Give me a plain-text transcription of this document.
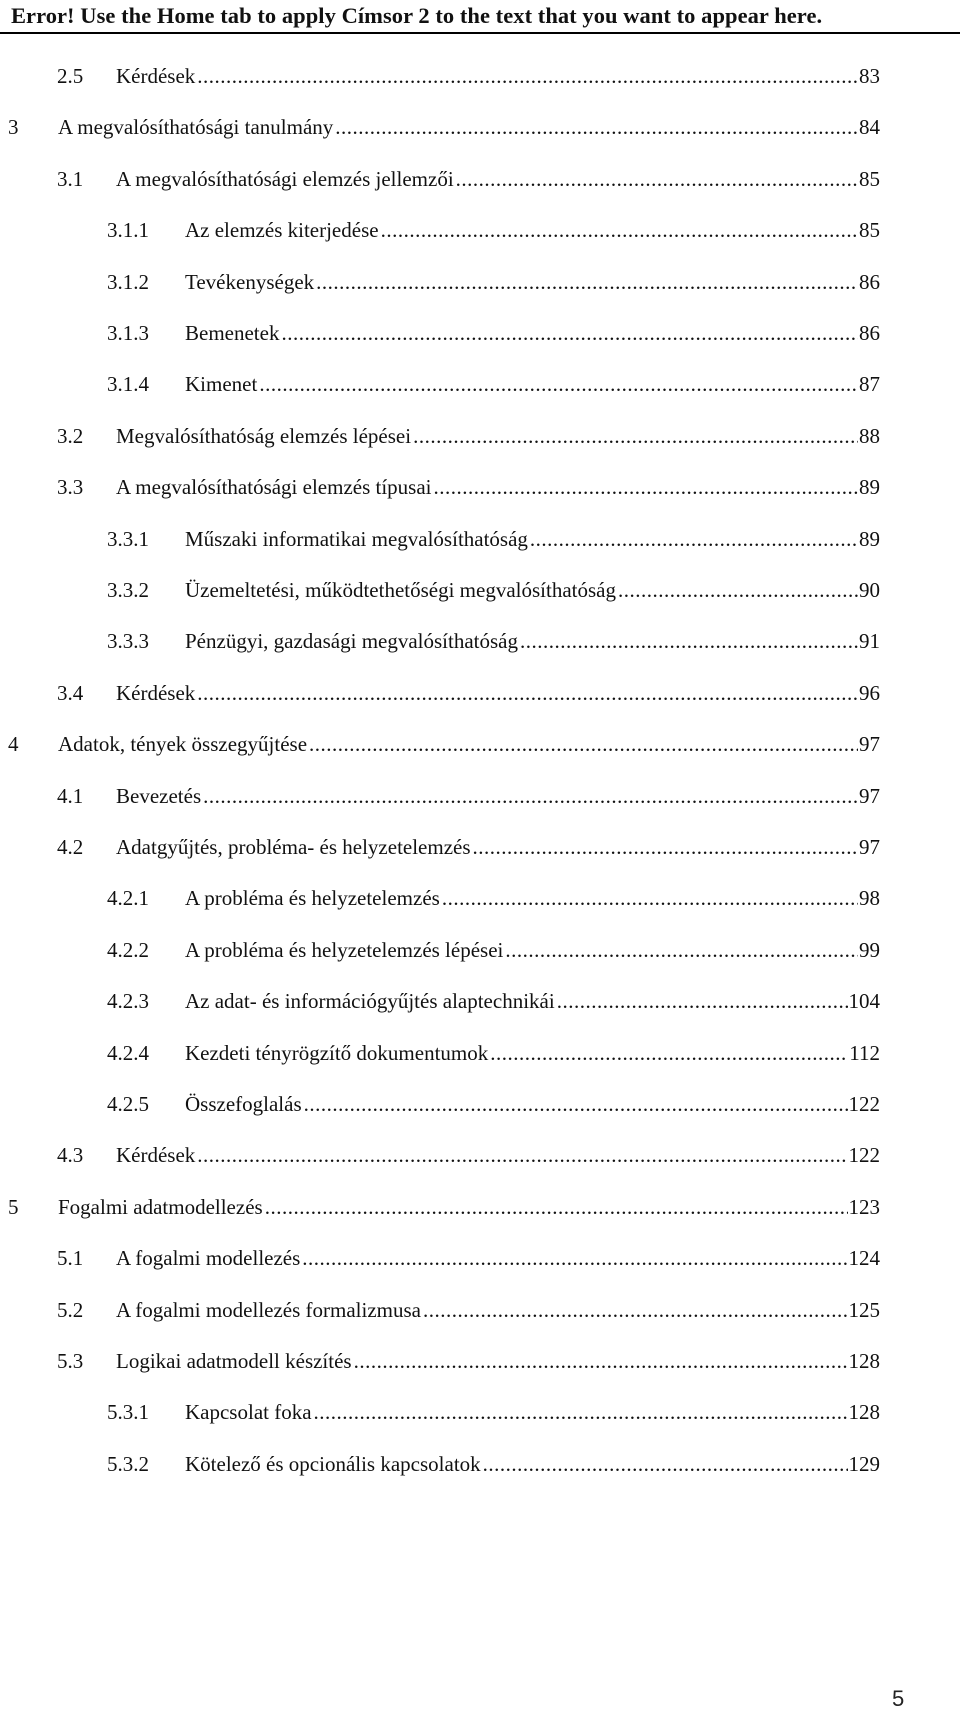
Error! Use the Home tab to apply Címsor 2 to the text that you want to appear here.
2.5	Kérdések .....	83
3	A megvalósíthatósági tanulmány .....	84
3.1	A megvalósíthatósági elemzés jellemzői .....	85
3.1.1	Az elemzés kiterjedése .....	85
3.1.2	Tevékenységek .....	86
3.1.3	Bemenetek .....	86
3.1.4	Kimenet .....	87
3.2	Megvalósíthatóság elemzés lépései .....	88
3.3	A megvalósíthatósági elemzés típusai .....	89
3.3.1	Műszaki informatikai megvalósíthatóság .....	89
3.3.2	Üzemeltetési, működtethetőségi megvalósíthatóság .....	90
3.3.3	Pénzügyi, gazdasági megvalósíthatóság .....	91
3.4	Kérdések .....	96
4	Adatok, tények összegyűjtése .....	97
4.1	Bevezetés .....	97
4.2	Adatgyűjtés, probléma- és helyzetelemzés .....	97
4.2.1	A probléma és helyzetelemzés .....	98
4.2.2	A probléma és helyzetelemzés lépései .....	99
4.2.3	Az adat- és információgyűjtés alaptechnikái .....	104
4.2.4	Kezdeti tényrögzítő dokumentumok .....	112
4.2.5	Összefoglalás .....	122
4.3	Kérdések .....	122
5	Fogalmi adatmodellezés .....	123
5.1	A fogalmi modellezés .....	124
5.2	A fogalmi modellezés formalizmusa .....	125
5.3	Logikai adatmodell készítés .....	128
5.3.1	Kapcsolat foka .....	128
5.3.2	Kötelező és opcionális kapcsolatok .....	129
5
